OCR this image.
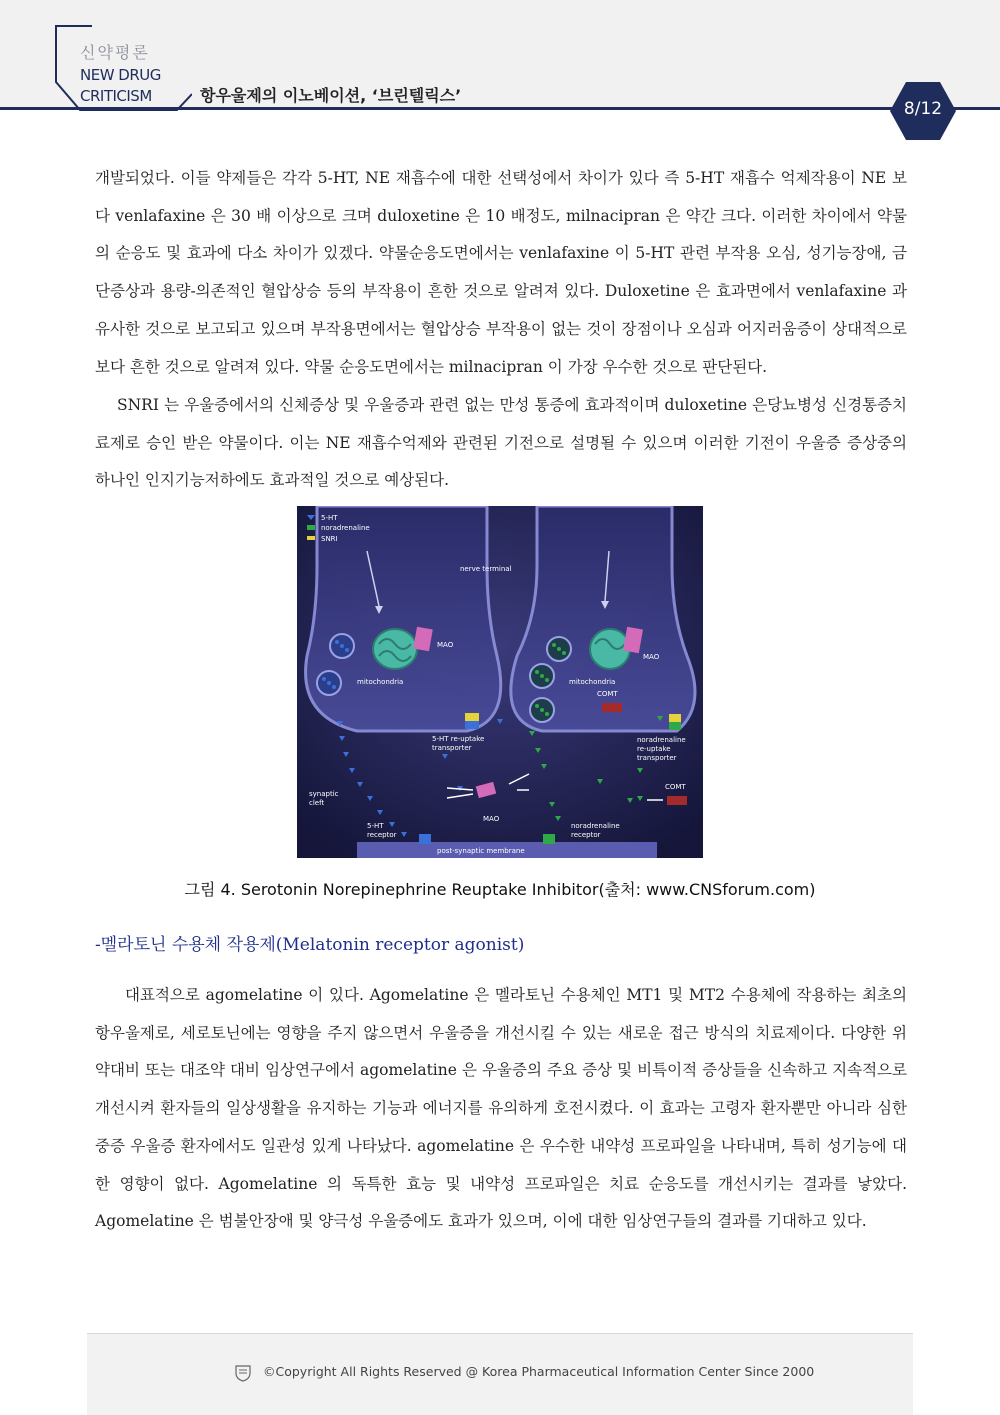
신약평론
NEW DRUG
CRITICISM	항우울제의 이노베이션, ‘브린텔릭스’
8/12
개발되었다. 이들 약제들은 각각 5-HT, NE 재흡수에 대한 선택성에서 차이가 있다 즉 5-HT 재흡수 억제작용이 NE 보다 venlafaxine 은 30 배 이상으로 크며 duloxetine 은 10 배정도, milnacipran 은 약간 크다. 이러한 차이에서 약물의 순응도 및 효과에 다소 차이가 있겠다. 약물순응도면에서는 venlafaxine 이 5-HT 관련 부작용 오심, 성기능장애, 금단증상과 용량-의존적인 혈압상승 등의 부작용이 흔한 것으로 알려져 있다. Duloxetine 은 효과면에서 venlafaxine 과 유사한 것으로 보고되고 있으며 부작용면에서는 혈압상승 부작용이 없는 것이 장점이나 오심과 어지러움증이 상대적으로 보다 흔한 것으로 알려져 있다. 약물 순응도면에서는 milnacipran 이 가장 우수한 것으로 판단된다.
SNRI 는 우울증에서의 신체증상 및 우울증과 관련 없는 만성 통증에 효과적이며 duloxetine 은당뇨병성 신경통증치료제로 승인 받은 약물이다. 이는 NE 재흡수억제와 관련된 기전으로 설명될 수 있으며 이러한 기전이 우울증 증상중의 하나인 인지기능저하에도 효과적일 것으로 예상된다.
5-HT
noradrenaline
SNRI
nerve terminal
MAO
mitochondria
MAO
mitochondria
COMT
5-HT re-uptake
transporter
noradrenaline
re-uptake
transporter
MAO
COMT
synaptic
cleft
5-HT
receptor
noradrenaline
receptor
post-synaptic membrane
그림 4. Serotonin Norepinephrine Reuptake Inhibitor(출처: www.CNSforum.com)
-멜라토닌 수용체 작용제(Melatonin receptor agonist)
대표적으로 agomelatine 이 있다. Agomelatine 은 멜라토닌 수용체인 MT1 및 MT2 수용체에 작용하는 최초의 항우울제로, 세로토닌에는 영향을 주지 않으면서 우울증을 개선시킬 수 있는 새로운 접근 방식의 치료제이다. 다양한 위약대비 또는 대조약 대비 임상연구에서 agomelatine 은 우울증의 주요 증상 및 비특이적 증상들을 신속하고 지속적으로 개선시켜 환자들의 일상생활을 유지하는 기능과 에너지를 유의하게 호전시켰다. 이 효과는 고령자 환자뿐만 아니라 심한 중증 우울증 환자에서도 일관성 있게 나타났다. agomelatine 은 우수한 내약성 프로파일을 나타내며, 특히 성기능에 대한 영향이 없다. Agomelatine 의 독특한 효능 및 내약성 프로파일은 치료 순응도를 개선시키는 결과를 낳았다. Agomelatine 은 범불안장애 및 양극성 우울증에도 효과가 있으며, 이에 대한 임상연구들의 결과를 기대하고 있다.
©Copyright All Rights Reserved @ Korea Pharmaceutical Information Center Since 2000
